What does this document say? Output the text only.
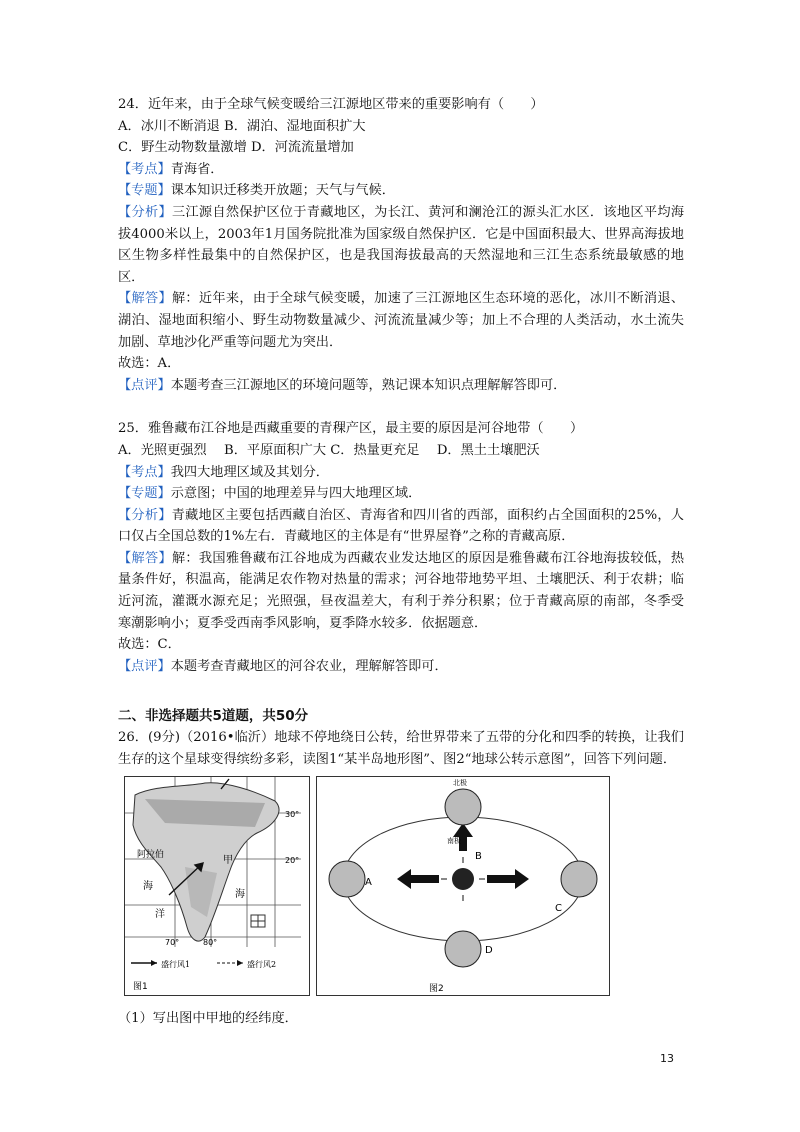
24．近年来，由于全球气候变暖给三江源地区带来的重要影响有（　　）
A．冰川不断消退 B．湖泊、湿地面积扩大
C．野生动物数量激增 D．河流流量增加
【考点】青海省．
【专题】课本知识迁移类开放题；天气与气候．
【分析】三江源自然保护区位于青藏地区，为长江、黄河和澜沧江的源头汇水区．该地区平均海拔4000米以上，2003年1月国务院批准为国家级自然保护区．它是中国面积最大、世界高海拔地区生物多样性最集中的自然保护区，也是我国海拔最高的天然湿地和三江生态系统最敏感的地区．
【解答】解：近年来，由于全球气候变暖，加速了三江源地区生态环境的恶化，冰川不断消退、湖泊、湿地面积缩小、野生动物数量减少、河流流量减少等；加上不合理的人类活动，水土流失加剧、草地沙化严重等问题尤为突出．
故选：A．
【点评】本题考查三江源地区的环境问题等，熟记课本知识点理解解答即可．
25．雅鲁藏布江谷地是西藏重要的青稞产区，最主要的原因是河谷地带（　　）
A．光照更强烈　 B．平原面积广大 C．热量更充足　 D．黑土土壤肥沃
【考点】我四大地理区域及其划分．
【专题】示意图；中国的地理差异与四大地理区域．
【分析】青藏地区主要包括西藏自治区、青海省和四川省的西部，面积约占全国面积的25%，人口仅占全国总数的1%左右．青藏地区的主体是有“世界屋脊”之称的青藏高原．
【解答】解：我国雅鲁藏布江谷地成为西藏农业发达地区的原因是雅鲁藏布江谷地海拔较低，热量条件好，积温高，能满足农作物对热量的需求；河谷地带地势平坦、土壤肥沃、利于农耕；临近河流，灌溉水源充足；光照强，昼夜温差大，有利于养分积累；位于青藏高原的南部，冬季受寒潮影响小；夏季受西南季风影响，夏季降水较多．依据题意．
故选：C．
【点评】本题考查青藏地区的河谷农业，理解解答即可．
二、非选择题共5道题，共50分
26．(9分)（2016•临沂）地球不停地绕日公转，给世界带来了五带的分化和四季的转换，让我们生存的这个星球变得缤纷多彩，读图1“某半岛地形图”、图2“地球公转示意图”，回答下列问题．
30°
20°
70°	80°
阿拉伯
海
洋
海
甲
盛行风1	盛行风2
图1
北极
南极
B
A
C
D
图2
（1）写出图中甲地的经纬度．
13
